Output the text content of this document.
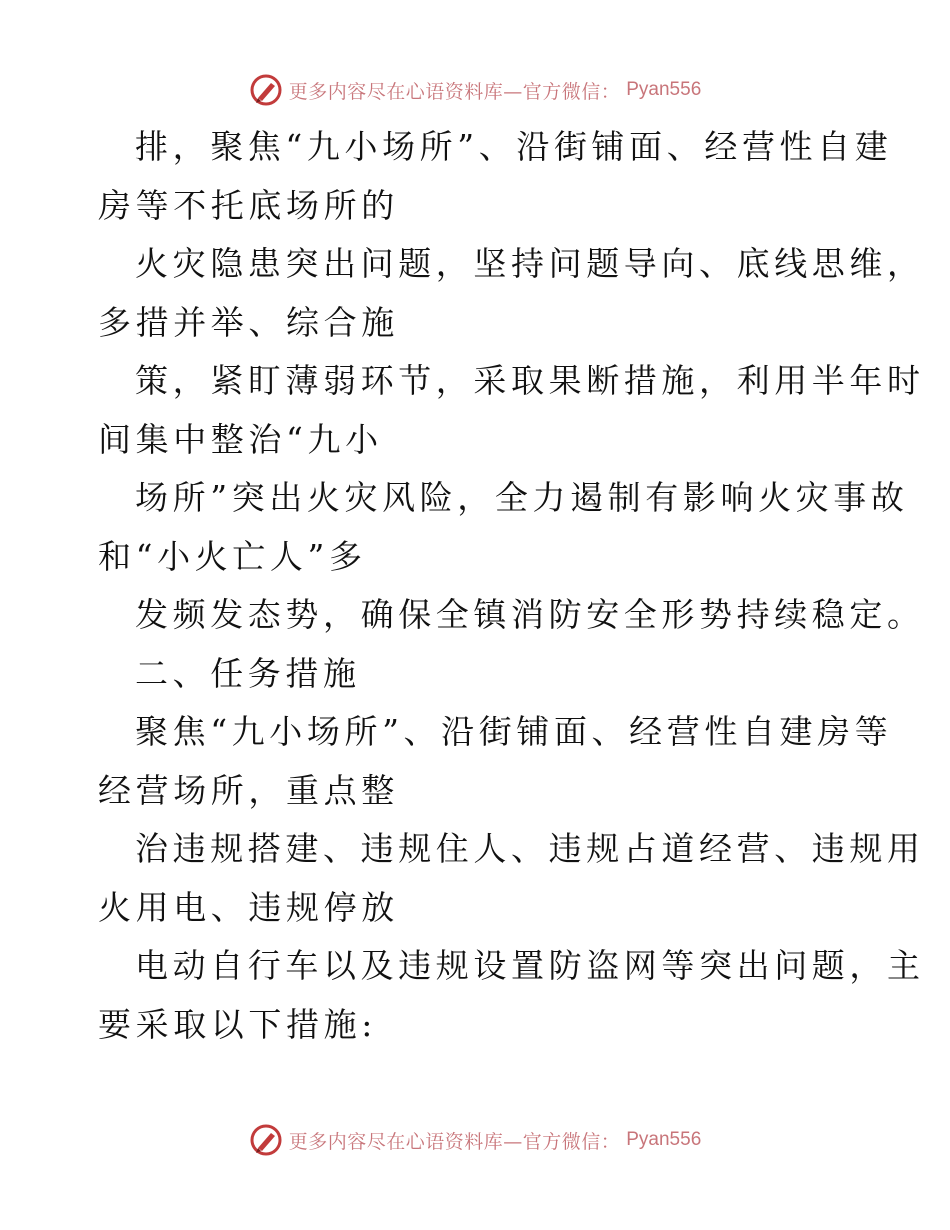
更多内容尽在心语资料库—官方微信： Pyan556

排，聚焦“九小场所”、沿街铺面、经营性自建

房等不托底场所的

火灾隐患突出问题，坚持问题导向、底线思维，

多措并举、综合施

策，紧盯薄弱环节，采取果断措施，利用半年时

间集中整治“九小

场所”突出火灾风险，全力遏制有影响火灾事故

和“小火亡人”多

发频发态势，确保全镇消防安全形势持续稳定。

二、任务措施

聚焦“九小场所”、沿街铺面、经营性自建房等

经营场所，重点整

治违规搭建、违规住人、违规占道经营、违规用

火用电、违规停放

电动自行车以及违规设置防盗网等突出问题，主

要采取以下措施:

更多内容尽在心语资料库—官方微信： Pyan556
